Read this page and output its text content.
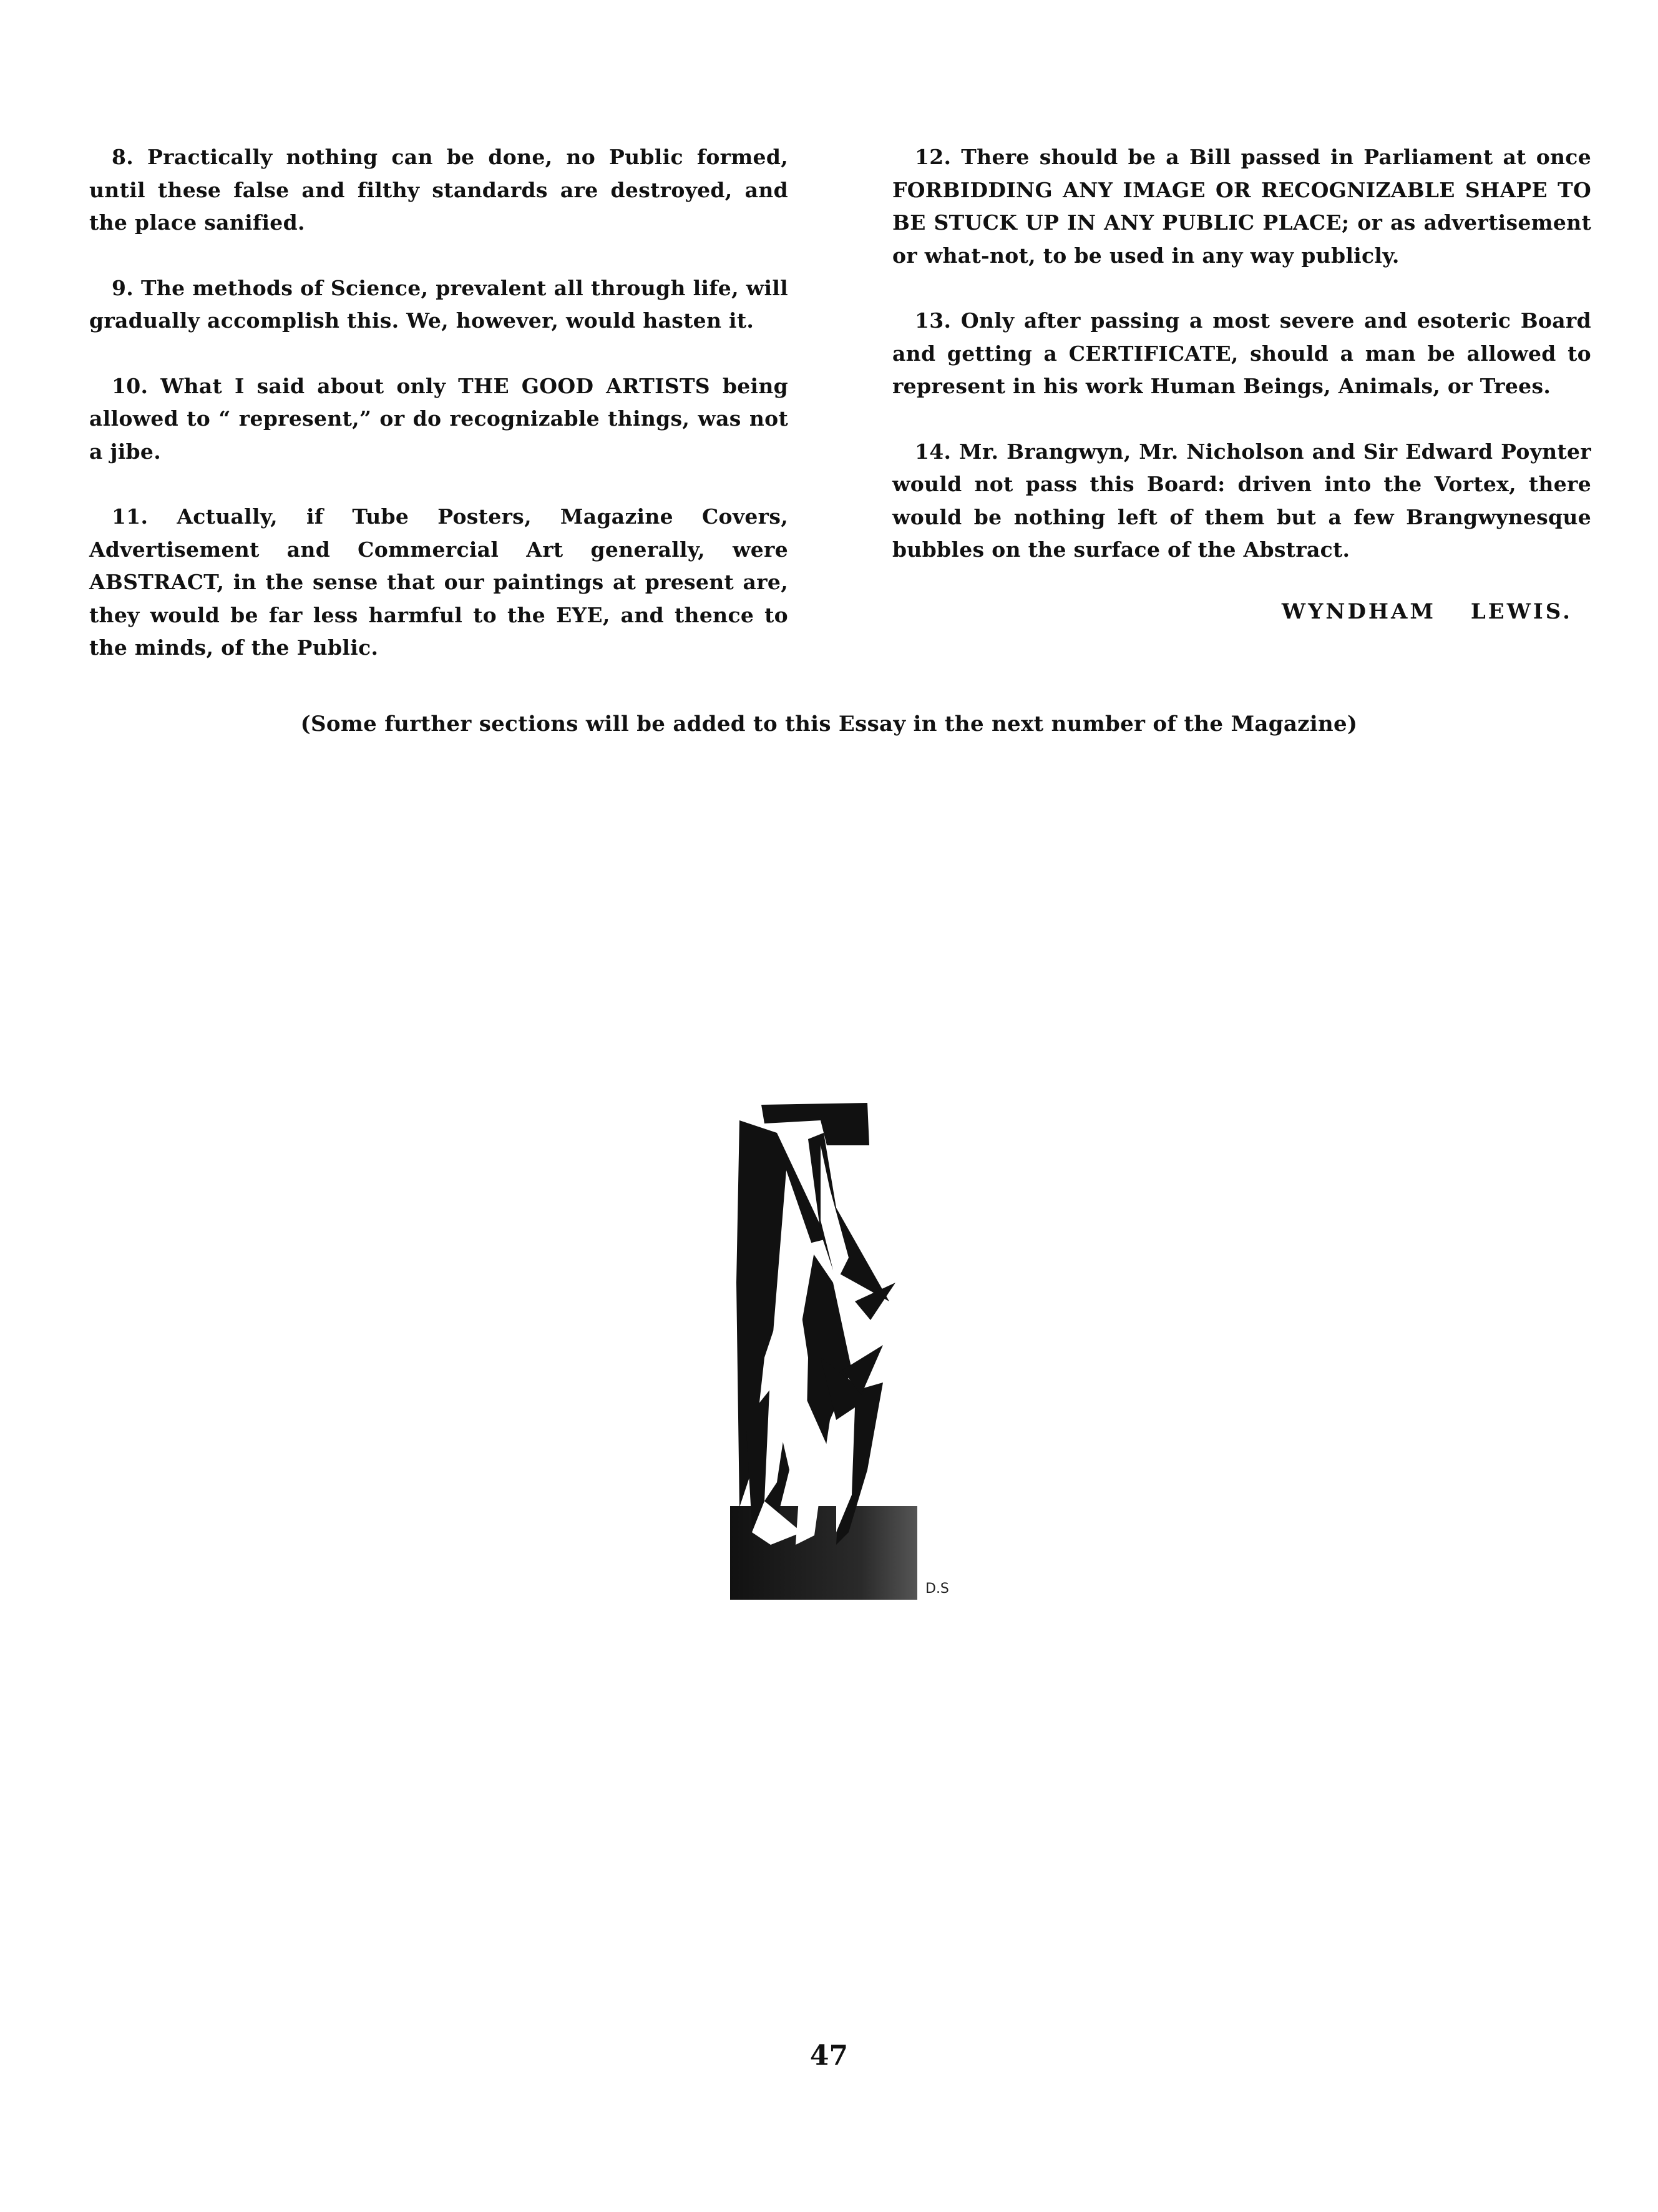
8. Practically nothing can be done, no Public formed, until these false and filthy standards are destroyed, and the place sanified.

9. The methods of Science, prevalent all through life, will gradually accomplish this. We, however, would hasten it.

10. What I said about only THE GOOD ARTISTS being allowed to “ represent,” or do recognizable things, was not a jibe.

11. Actually, if Tube Posters, Magazine Covers, Advertisement and Commercial Art generally, were ABSTRACT, in the sense that our paintings at present are, they would be far less harmful to the EYE, and thence to the minds, of the Public.

12. There should be a Bill passed in Parliament at once FORBIDDING ANY IMAGE OR RECOGNIZABLE SHAPE TO BE STUCK UP IN ANY PUBLIC PLACE; or as advertisement or what-not, to be used in any way publicly.

13. Only after passing a most severe and esoteric Board and getting a CERTIFICATE, should a man be allowed to represent in his work Human Beings, Animals, or Trees.

14. Mr. Brangwyn, Mr. Nicholson and Sir Edward Poynter would not pass this Board: driven into the Vortex, there would be nothing left of them but a few Brangwynesque bubbles on the surface of the Abstract.

WYNDHAM LEWIS.
(Some further sections will be added to this Essay in the next number of the Magazine)
D.S
47
